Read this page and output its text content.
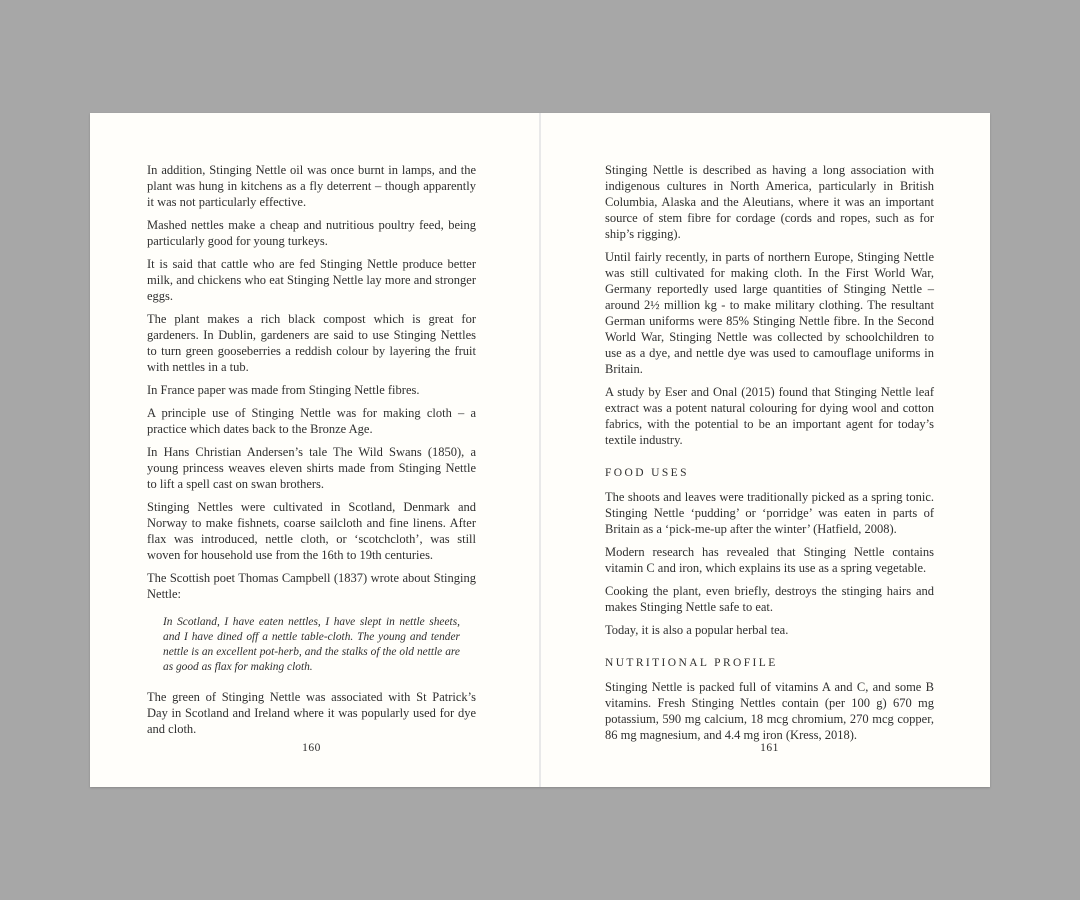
In addition, Stinging Nettle oil was once burnt in lamps, and the plant was hung in kitchens as a fly deterrent – though apparently it was not particularly effective.

Mashed nettles make a cheap and nutritious poultry feed, being particularly good for young turkeys.

It is said that cattle who are fed Stinging Nettle produce better milk, and chickens who eat Stinging Nettle lay more and stronger eggs.

The plant makes a rich black compost which is great for gardeners. In Dublin, gardeners are said to use Stinging Nettles to turn green gooseberries a reddish colour by layering the fruit with nettles in a tub.

In France paper was made from Stinging Nettle fibres.

A principle use of Stinging Nettle was for making cloth – a practice which dates back to the Bronze Age.

In Hans Christian Andersen’s tale The Wild Swans (1850), a young princess weaves eleven shirts made from Stinging Nettle to lift a spell cast on swan brothers.

Stinging Nettles were cultivated in Scotland, Denmark and Norway to make fishnets, coarse sailcloth and fine linens. After flax was introduced, nettle cloth, or ‘scotchcloth’, was still woven for household use from the 16th to 19th centuries.

The Scottish poet Thomas Campbell (1837) wrote about Stinging Nettle:

In Scotland, I have eaten nettles, I have slept in nettle sheets, and I have dined off a nettle table-cloth. The young and tender nettle is an excellent pot-herb, and the stalks of the old nettle are as good as flax for making cloth.

The green of Stinging Nettle was associated with St Patrick’s Day in Scotland and Ireland where it was popularly used for dye and cloth.

160

Stinging Nettle is described as having a long association with indigenous cultures in North America, particularly in British Columbia, Alaska and the Aleutians, where it was an important source of stem fibre for cordage (cords and ropes, such as for ship’s rigging).

Until fairly recently, in parts of northern Europe, Stinging Nettle was still cultivated for making cloth. In the First World War, Germany reportedly used large quantities of Stinging Nettle – around 2½ million kg - to make military clothing. The resultant German uniforms were 85% Stinging Nettle fibre. In the Second World War, Stinging Nettle was collected by schoolchildren to use as a dye, and nettle dye was used to camouflage uniforms in Britain.

A study by Eser and Onal (2015) found that Stinging Nettle leaf extract was a potent natural colouring for dying wool and cotton fabrics, with the potential to be an important agent for today’s textile industry.

FOOD USES

The shoots and leaves were traditionally picked as a spring tonic. Stinging Nettle ‘pudding’ or ‘porridge’ was eaten in parts of Britain as a ‘pick-me-up after the winter’ (Hatfield, 2008).

Modern research has revealed that Stinging Nettle contains vitamin C and iron, which explains its use as a spring vegetable.

Cooking the plant, even briefly, destroys the stinging hairs and makes Stinging Nettle safe to eat.

Today, it is also a popular herbal tea.

NUTRITIONAL PROFILE

Stinging Nettle is packed full of vitamins A and C, and some B vitamins. Fresh Stinging Nettles contain (per 100 g) 670 mg potassium, 590 mg calcium, 18 mcg chromium, 270 mcg copper, 86 mg magnesium, and 4.4 mg iron (Kress, 2018).

161
